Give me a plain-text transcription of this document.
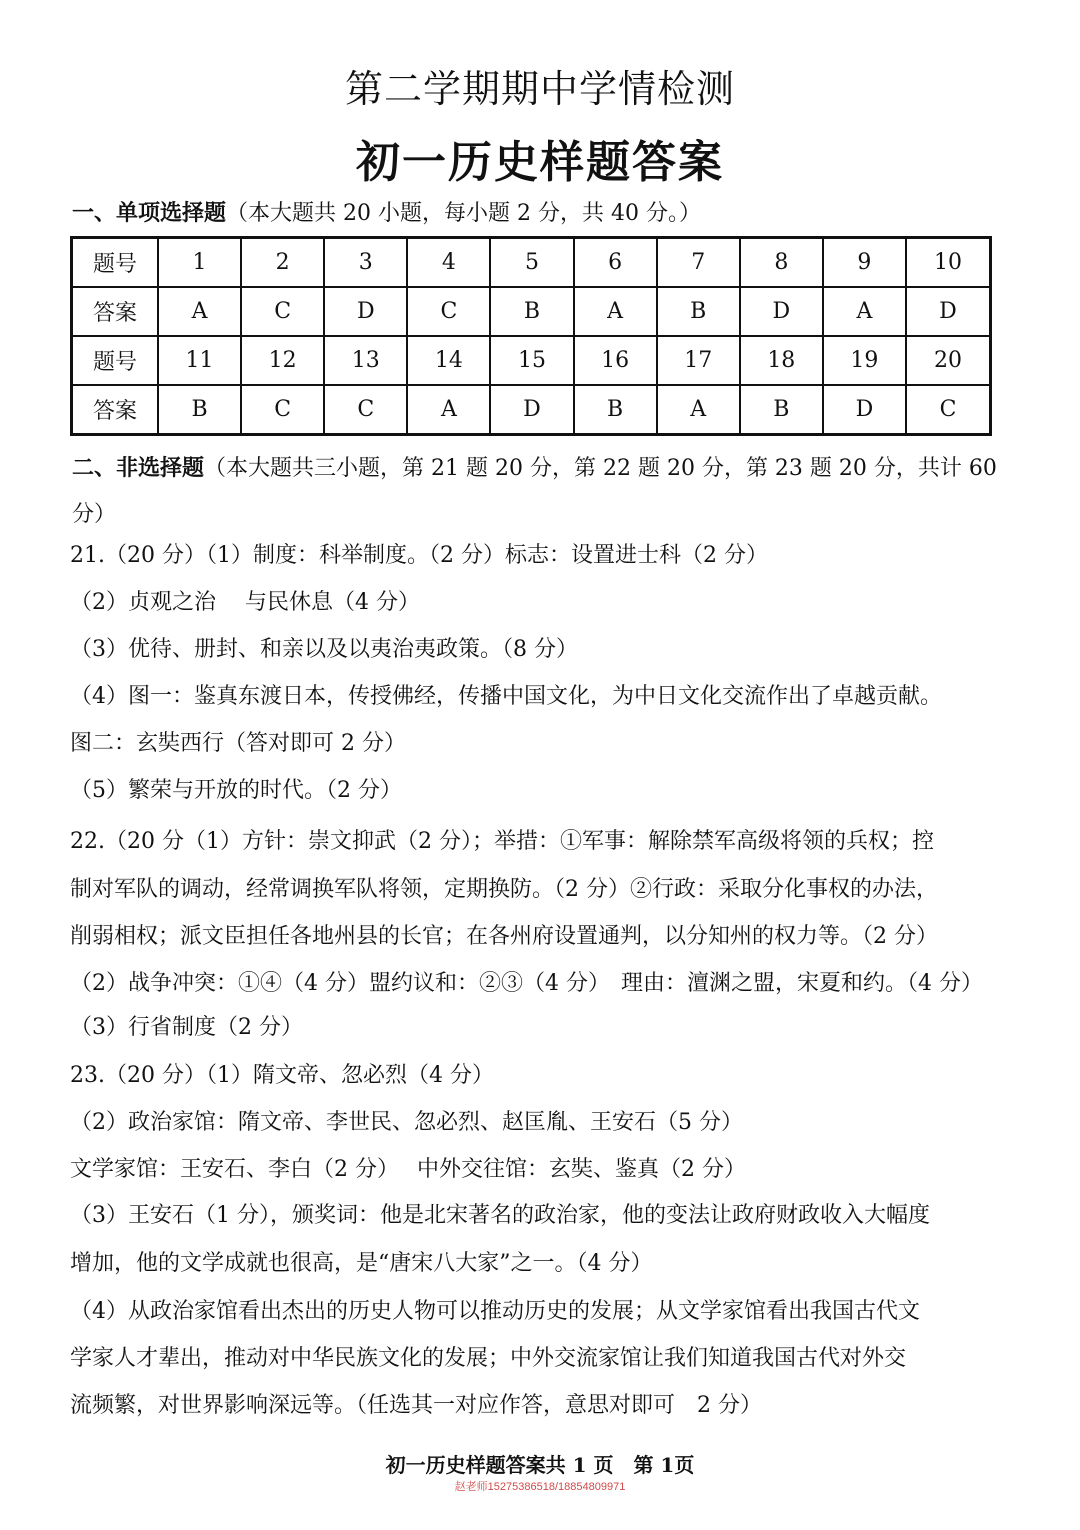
第二学期期中学情检测
初一历史样题答案
一、单项选择题（本大题共 20 小题，每小题 2 分，共 40 分。）
题号	1	2	3	4	5	6	7	8	9	10
答案	A	C	D	C	B	A	B	D	A	D
题号	11	12	13	14	15	16	17	18	19	20
答案	B	C	C	A	D	B	A	B	D	C
二、非选择题（本大题共三小题，第 21 题 20 分，第 22 题 20 分，第 23 题 20 分，共计 60 分）
21.（20 分）（1）制度：科举制度。（2 分）标志：设置进士科（2 分）
（2）贞观之治　 与民休息（4 分）
（3）优待、册封、和亲以及以夷治夷政策。（8 分）
（4）图一：鉴真东渡日本，传授佛经，传播中国文化，为中日文化交流作出了卓越贡献。
图二：玄奘西行（答对即可 2 分）
（5）繁荣与开放的时代。（2 分）
22.（20 分（1）方针：崇文抑武（2 分）；举措：①军事：解除禁军高级将领的兵权；控
制对军队的调动，经常调换军队将领，定期换防。（2 分）②行政：采取分化事权的办法，
削弱相权；派文臣担任各地州县的长官；在各州府设置通判，以分知州的权力等。（2 分）
（2）战争冲突：①④（4 分）盟约议和：②③（4 分）　理由：澶渊之盟，宋夏和约。（4 分）
（3）行省制度（2 分）
23.（20 分）（1）隋文帝、忽必烈（4 分）
（2）政治家馆：隋文帝、李世民、忽必烈、赵匡胤、王安石（5 分）
文学家馆：王安石、李白（2 分）　 中外交往馆：玄奘、鉴真（2 分）
（3）王安石（1 分），颁奖词：他是北宋著名的政治家，他的变法让政府财政收入大幅度
增加，他的文学成就也很高，是“唐宋八大家”之一。（4 分）
（4）从政治家馆看出杰出的历史人物可以推动历史的发展；从文学家馆看出我国古代文
学家人才辈出，推动对中华民族文化的发展；中外交流家馆让我们知道我国古代对外交
流频繁，对世界影响深远等。（任选其一对应作答，意思对即可　2 分）
初一历史样题答案共 1 页　第 1页
赵老师15275386518/18854809971
